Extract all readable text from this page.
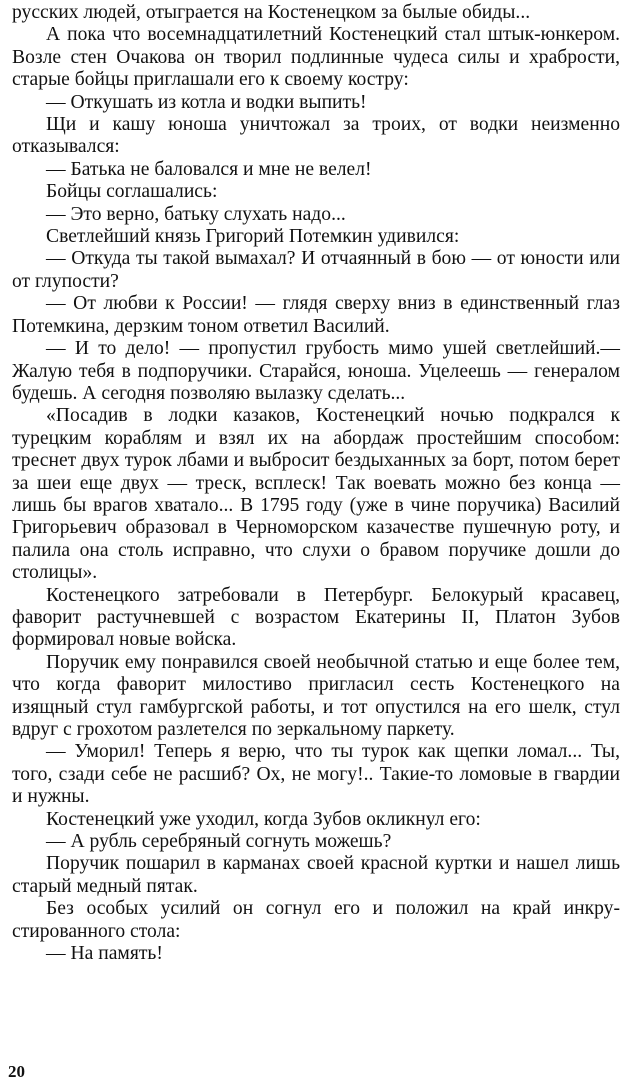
русских людей, отыграется на Костенецком за былые обиды...

А пока что восемнадцатилетний Костенецкий стал штык-юнкером. Возле стен Очакова он творил подлинные чудеса силы и храбрости, старые бойцы приглашали его к своему костру:

— Откушать из котла и водки выпить!

Щи и кашу юноша уничтожал за троих, от водки неизменно отказывался:

— Батька не баловался и мне не велел!

Бойцы соглашались:

— Это верно, батьку слухать надо...

Светлейший князь Григорий Потемкин удивился:

— Откуда ты такой вымахал? И отчаянный в бою — от юности или от глупости?

— От любви к России! — глядя сверху вниз в единственный глаз Потемкина, дерзким тоном ответил Василий.

— И то дело! — пропустил грубость мимо ушей светлейший.— Жалую тебя в подпоручики. Старайся, юноша. Уцелеешь — генералом будешь. А сегодня позволяю вылазку сделать...

«Посадив в лодки казаков, Костенецкий ночью подкрался к турецким кораблям и взял их на абордаж простейшим способом: треснет двух турок лбами и выбросит бездыханных за борт, потом берет за шеи еще двух — треск, всплеск! Так воевать можно без конца — лишь бы врагов хватало... В 1795 году (уже в чине поручика) Василий Григорьевич образовал в Черноморском казачестве пушечную роту, и палила она столь исправно, что слухи о бравом поручике дошли до столицы».

Костенецкого затребовали в Петербург. Белокурый красавец, фаворит растучневшей с возрастом Екатерины II, Платон Зубов формировал новые войска.

Поручик ему понравился своей необычной статью и еще более тем, что когда фаворит милостиво пригласил сесть Костенецкого на изящный стул гамбургской работы, и тот опустился на его шелк, стул вдруг с грохотом разлетелся по зеркальному паркету.

— Уморил! Теперь я верю, что ты турок как щепки ломал... Ты, того, сзади себе не расшиб? Ох, не могу!.. Такие-то ломовые в гвардии и нужны.

Костенецкий уже уходил, когда Зубов окликнул его:

— А рубль серебряный согнуть можешь?

Поручик пошарил в карманах своей красной куртки и нашел лишь старый медный пятак.

Без особых усилий он согнул его и положил на край инкрустированного стола:

— На память!

20
